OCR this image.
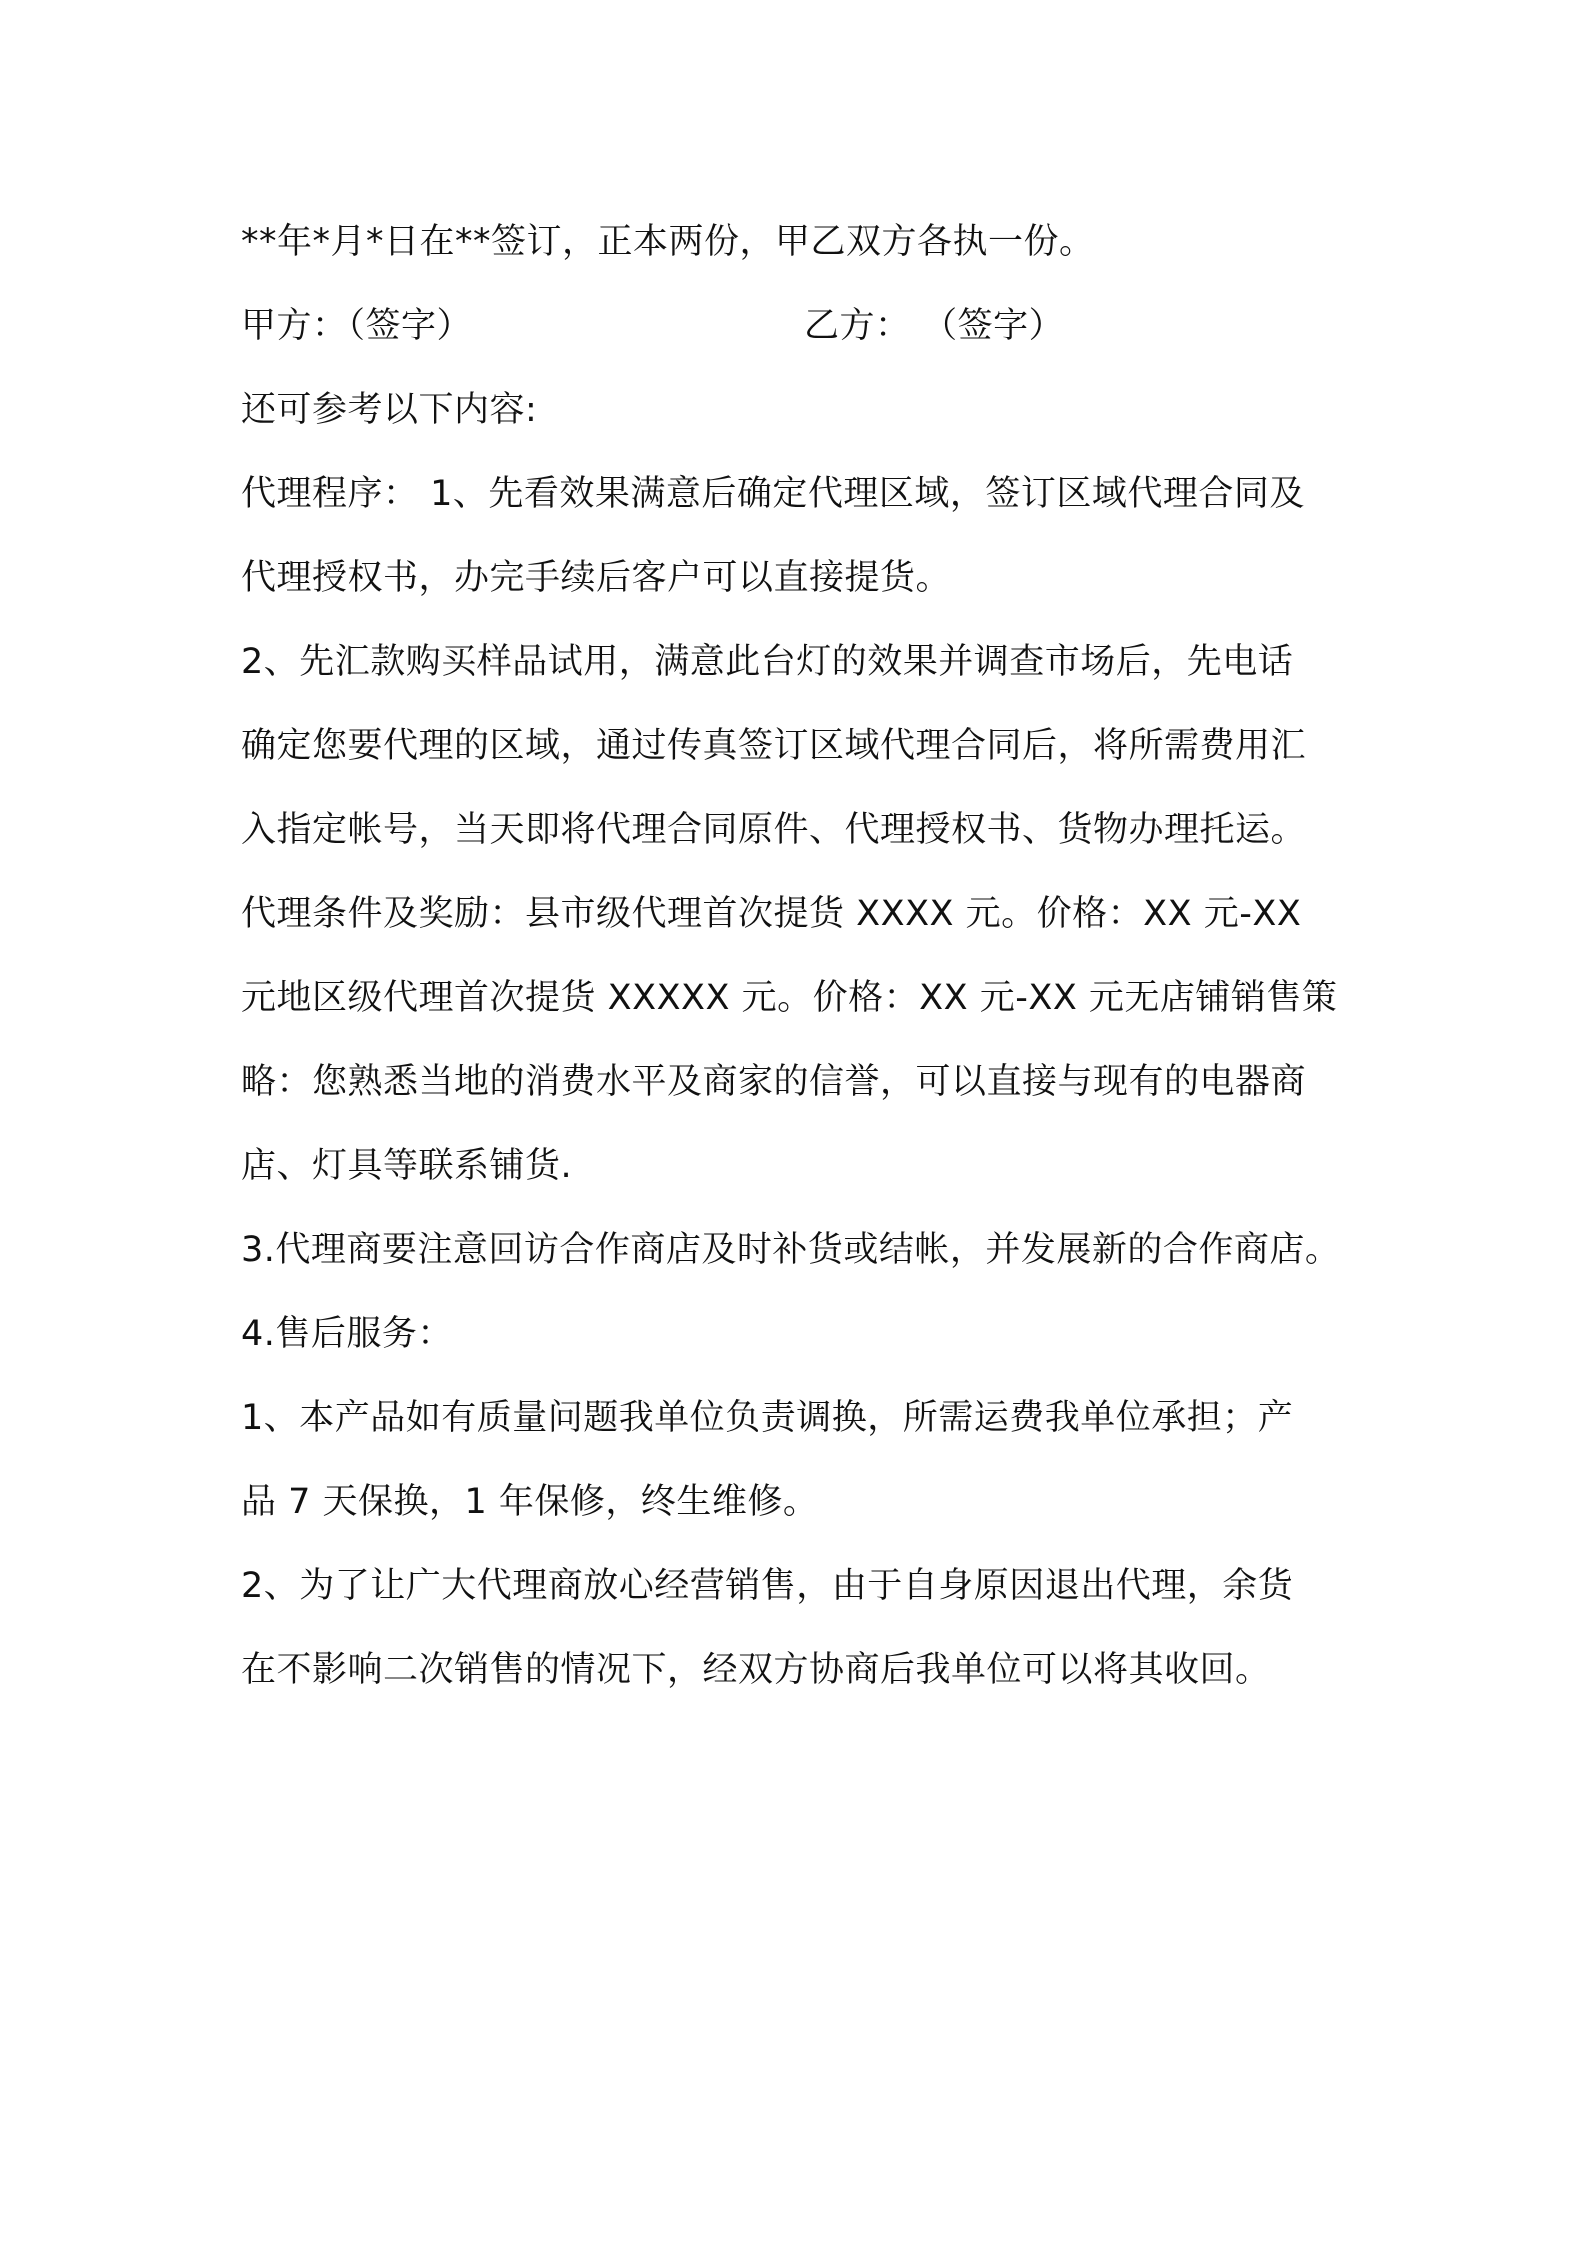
**年*月*日在**签订，正本两份，甲乙双方各执一份。
甲方：（签字）	乙方： （签字）
还可参考以下内容:
代理程序： 1、先看效果满意后确定代理区域，签订区域代理合同及
代理授权书，办完手续后客户可以直接提货。
2、先汇款购买样品试用，满意此台灯的效果并调查市场后，先电话
确定您要代理的区域，通过传真签订区域代理合同后，将所需费用汇
入指定帐号，当天即将代理合同原件、代理授权书、货物办理托运。
代理条件及奖励：县市级代理首次提货 XXXX 元。价格：XX 元-XX
元地区级代理首次提货 XXXXX 元。价格：XX 元-XX 元无店铺销售策
略：您熟悉当地的消费水平及商家的信誉，可以直接与现有的电器商
店、灯具等联系铺货.
3.代理商要注意回访合作商店及时补货或结帐，并发展新的合作商店。
4.售后服务：
1、本产品如有质量问题我单位负责调换，所需运费我单位承担；产
品 7 天保换，1 年保修，终生维修。
2、为了让广大代理商放心经营销售，由于自身原因退出代理，余货
在不影响二次销售的情况下，经双方协商后我单位可以将其收回。
